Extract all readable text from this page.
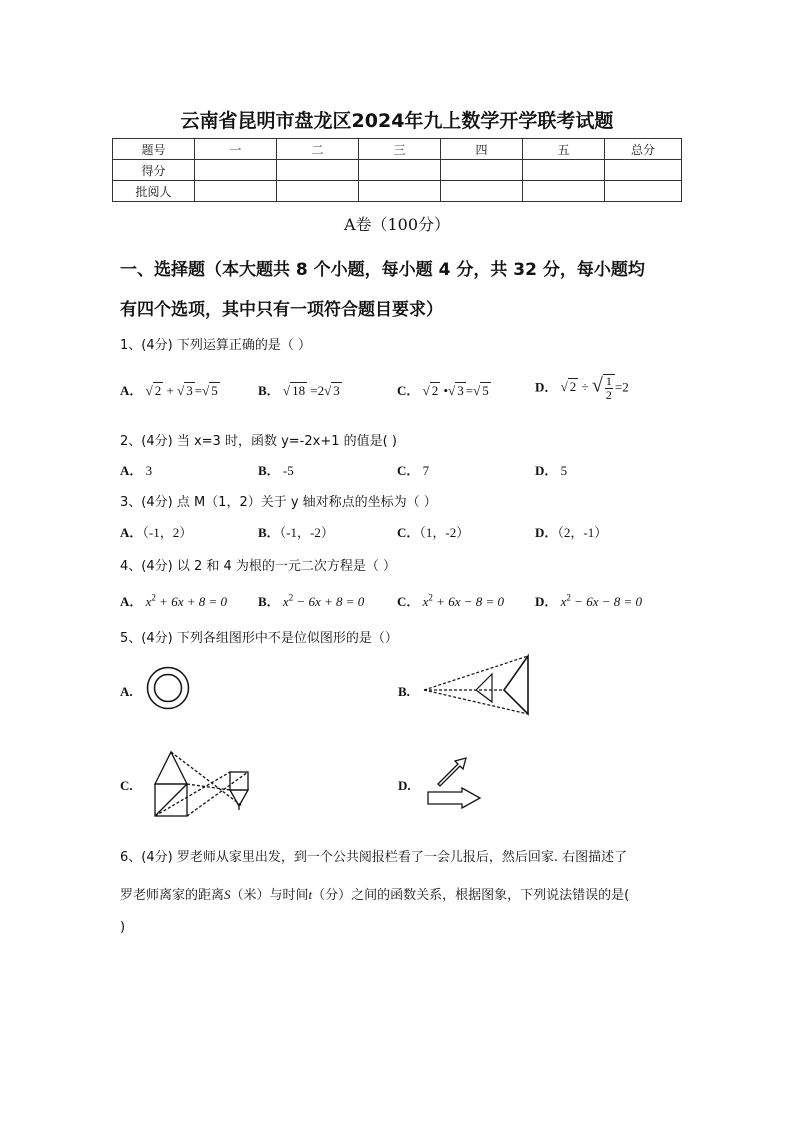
云南省昆明市盘龙区2024年九上数学开学联考试题
题号	一	二	三	四	五	总分
得分						
批阅人						
A卷（100分）
一、选择题（本大题共 8 个小题，每小题 4 分，共 32 分，每小题均
有四个选项，其中只有一项符合题目要求）
1、(4分) 下列运算正确的是（ ）
A． √ 2 + √ 3 =√ 5	B． √ 18 =2√ 3	C． √ 2 •√ 3 =√ 5	D． √ 2 ÷ √ $\frac{1}{2} =2$
2、(4分) 当 x=3 时，函数 y=-2x+1 的值是( )
A． 3	B． -5	C． 7	D． 5
3、(4分) 点 M（1，2）关于 y 轴对称点的坐标为（ ）
A．（-1，2）	B．（-1，-2）	C．（1，-2）	D．（2，-1）
4、(4分) 以 2 和 4 为根的一元二次方程是（ ）
A． $x^2 + 6x + 8 = 0$ B． $x^2 - 6x + 8 = 0$	C． $x^2 + 6x - 8 = 0$ D． $x^2 - 6x - 8 = 0$
5、(4分) 下列各组图形中不是位似图形的是（）
A.	B.
C.	D.
6、(4分) 罗老师从家里出发，到一个公共阅报栏看了一会儿报后，然后回家. 右图描述了
罗老师离家的距离S（米）与时间t（分）之间的函数关系，根据图象，下列说法错误的是(
)
